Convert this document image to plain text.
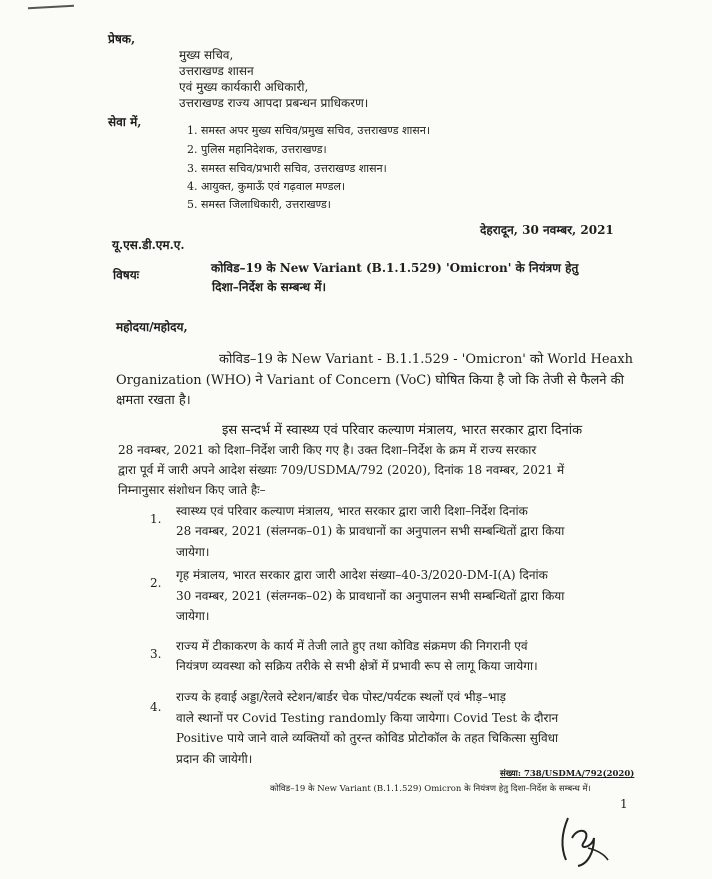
प्रेषक,
मुख्य सचिव,
उत्तराखण्ड शासन
एवं मुख्य कार्यकारी अधिकारी,
उत्तराखण्ड राज्य आपदा प्रबन्धन प्राधिकरण।
सेवा में,
1. समस्त अपर मुख्य सचिव/प्रमुख सचिव, उत्तराखण्ड शासन।
2. पुलिस महानिदेशक, उत्तराखण्ड।
3. समस्त सचिव/प्रभारी सचिव, उत्तराखण्ड शासन।
4. आयुक्त, कुमाऊँ एवं गढ़वाल मण्डल।
5. समस्त जिलाधिकारी, उत्तराखण्ड।
यू.एस.डी.एम.ए.
देहरादून, 30 नवम्बर, 2021
विषयः	कोविड–19 के New Variant (B.1.1.529) 'Omicron' के नियंत्रण हेतु
दिशा–निर्देश के सम्बन्ध में।
महोदया/महोदय,
कोविड–19 के New Variant - B.1.1.529 - 'Omicron' को World Heaxh
Organization (WHO) ने Variant of Concern (VoC) घोषित किया है जो कि तेजी से फैलने की
क्षमता रखता है।
इस सन्दर्भ में स्वास्थ्य एवं परिवार कल्याण मंत्रालय, भारत सरकार द्वारा दिनांक
28 नवम्बर, 2021 को दिशा–निर्देश जारी किए गए है। उक्त दिशा–निर्देश के क्रम में राज्य सरकार
द्वारा पूर्व में जारी अपने आदेश संख्याः 709/USDMA/792 (2020), दिनांक 18 नवम्बर, 2021 में
निम्नानुसार संशोधन किए जाते हैः–
1.
स्वास्थ्य एवं परिवार कल्याण मंत्रालय, भारत सरकार द्वारा जारी दिशा–निर्देश दिनांक
28 नवम्बर, 2021 (संलग्नक–01) के प्रावधानों का अनुपालन सभी सम्बन्धितों द्वारा किया
जायेगा।
2.
गृह मंत्रालय, भारत सरकार द्वारा जारी आदेश संख्या–40-3/2020-DM-I(A) दिनांक
30 नवम्बर, 2021 (संलग्नक–02) के प्रावधानों का अनुपालन सभी सम्बन्धितों द्वारा किया
जायेगा।
3.
राज्य में टीकाकरण के कार्य में तेजी लाते हुए तथा कोविड संक्रमण की निगरानी एवं
नियंत्रण व्यवस्था को सक्रिय तरीके से सभी क्षेत्रों में प्रभावी रूप से लागू किया जायेगा।
4.
राज्य के हवाई अड्डा/रेलवे स्टेशन/बार्डर चेक पोस्ट/पर्यटक स्थलों एवं भीड़–भाड़
वाले स्थानों पर Covid Testing randomly किया जायेगा। Covid Test के दौरान
Positive पाये जाने वाले व्यक्तियों को तुरन्त कोविड प्रोटोकॉल के तहत चिकित्सा सुविधा
प्रदान की जायेगी।
संख्या: 738/USDMA/792(2020)
कोविड–19 के New Variant (B.1.1.529) Omicron के नियंत्रण हेतु दिशा–निर्देश के सम्बन्ध में।
1
